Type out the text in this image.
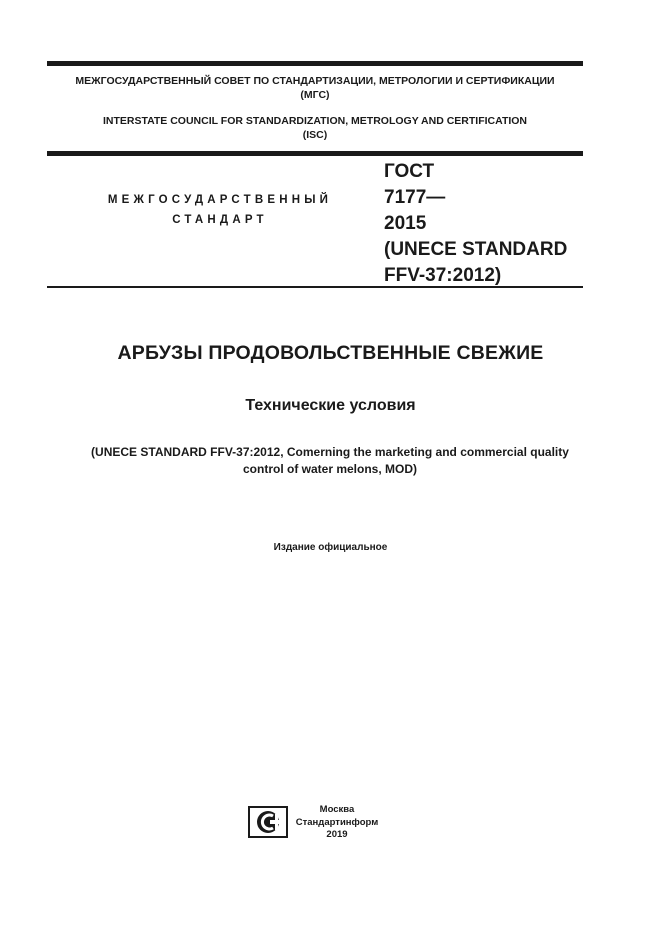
МЕЖГОСУДАРСТВЕННЫЙ СОВЕТ ПО СТАНДАРТИЗАЦИИ, МЕТРОЛОГИИ И СЕРТИФИКАЦИИ
(МГС)
INTERSTATE COUNCIL FOR STANDARDIZATION, METROLOGY AND CERTIFICATION
(ISC)
МЕЖГОСУДАРСТВЕННЫЙ
СТАНДАРТ
ГОСТ
7177—
2015
(UNECE STANDARD
FFV-37:2012)
АРБУЗЫ ПРОДОВОЛЬСТВЕННЫЕ СВЕЖИЕ
Технические условия
(UNECE STANDARD FFV-37:2012, Comerning the marketing and commercial quality
control of water melons, MOD)
Издание официальное
Москва
Стандартинформ
2019
